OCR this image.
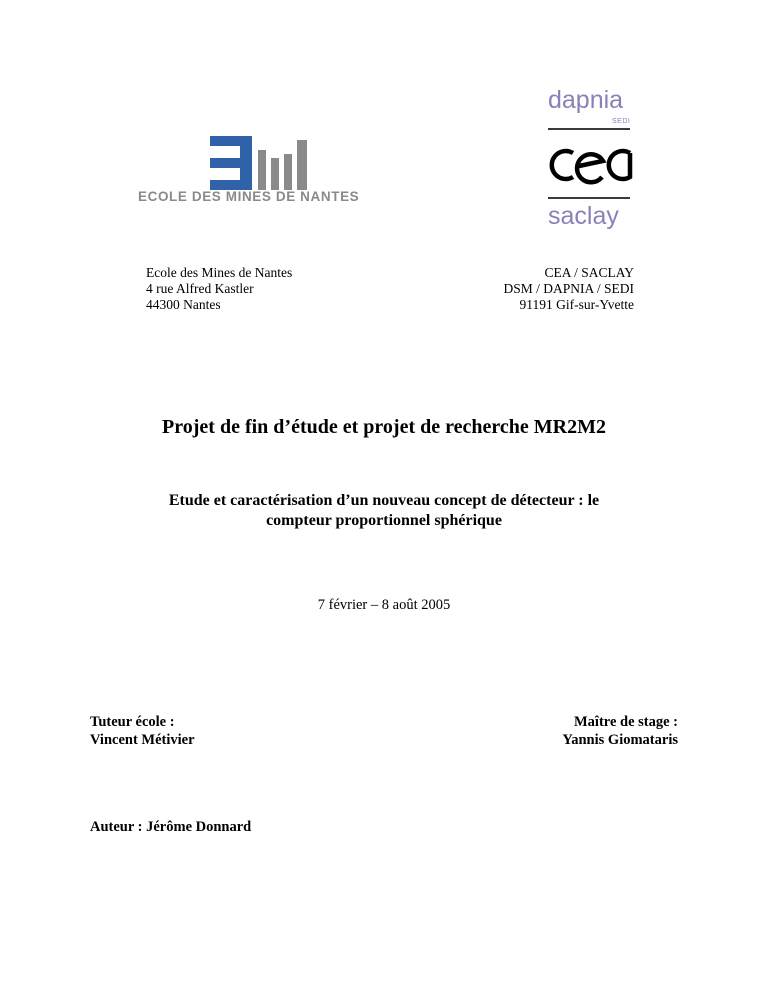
ECOLE DES MINES DE NANTES
dapnia
SEDI
saclay
Ecole des Mines de Nantes
4 rue Alfred Kastler
44300 Nantes
CEA / SACLAY
DSM / DAPNIA / SEDI
91191 Gif-sur-Yvette
Projet de fin d’étude et projet de recherche MR2M2
Etude et caractérisation d’un nouveau concept de détecteur : le
compteur proportionnel sphérique
7 février – 8 août 2005
Tuteur école :
Vincent Métivier
Maître de stage :
Yannis Giomataris
Auteur : Jérôme Donnard
